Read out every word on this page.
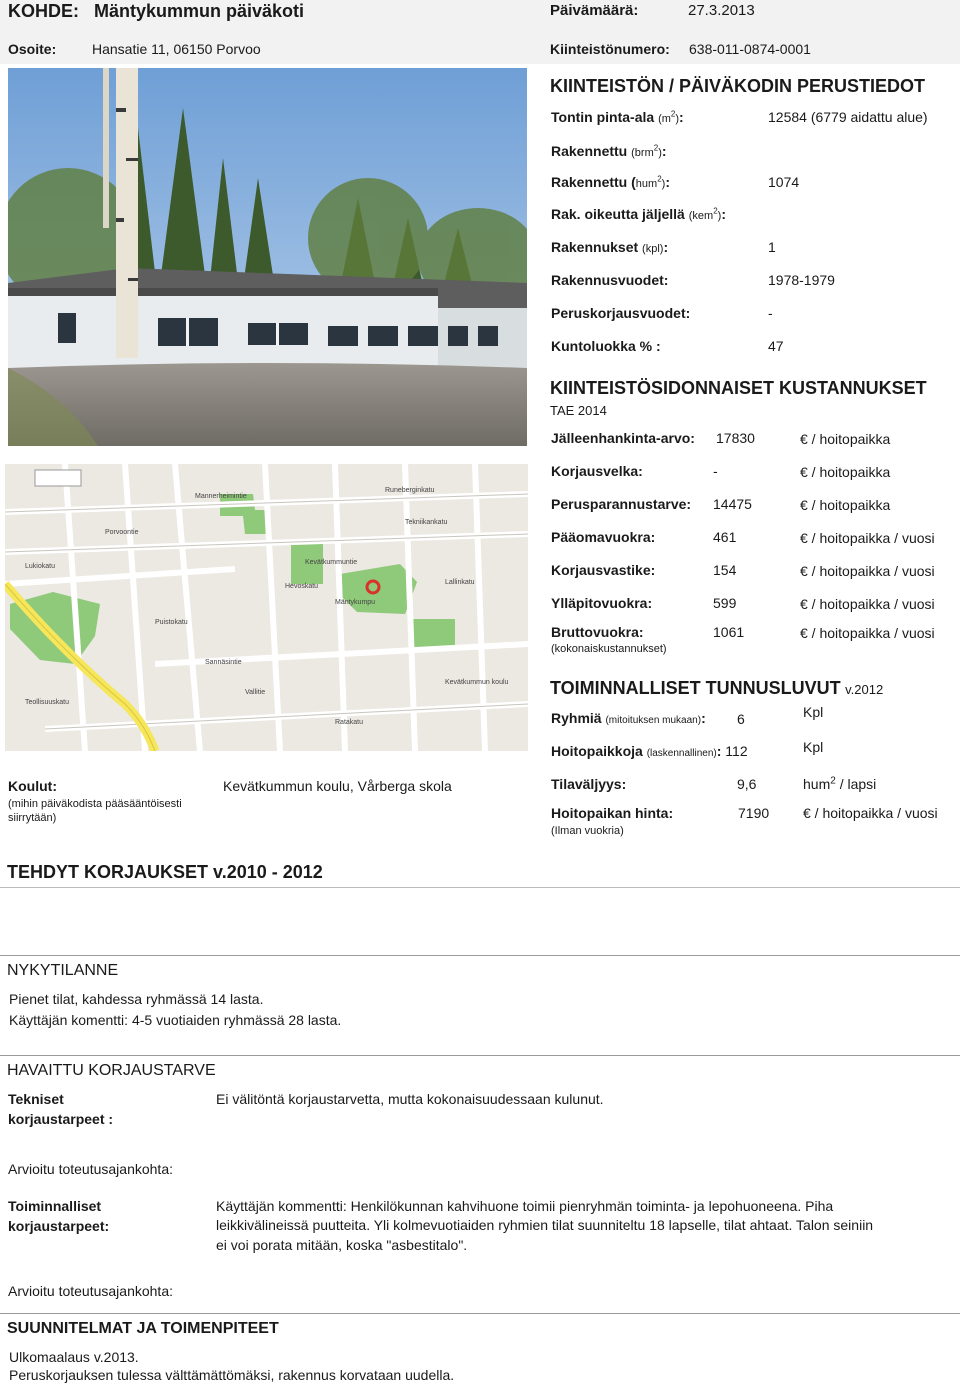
KOHDE: Mäntykummun päiväkoti	Päivämäärä:	27.3.2013
Osoite:	Hansatie 11, 06150 Porvoo	Kiinteistönumero: 638-011-0874-0001
Mannerheimintie
Runeberginkatu
Lukiokatu
Tekniikankatu
Hevoskatu
Kevätkummuntie
Vallitie
Kevätkummun koulu
Sannäsintie
Porvoontie
Lallinkatu
Ratakatu
Puistokatu
Teollisuuskatu
Mäntykumpu
KIINTEISTÖN / PÄIVÄKODIN PERUSTIEDOT
Tontin pinta-ala $(m^2)$:	12584 (6779 aidattu alue)
Rakennettu (brm$^2$):
Rakennettu (hum$^2$):	1074
Rak. oikeutta jäljellä (kem$^2$):
Rakennukset (kpl):	1
Rakennusvuodet:	1978-1979
Peruskorjausvuodet:	-
Kuntoluokka % :	47
KIINTEISTÖSIDONNAISET KUSTANNUKSET
TAE 2014
Jälleenhankinta-arvo: 17830	€ / hoitopaikka
Korjausvelka:	-	€ / hoitopaikka
Perusparannustarve: 14475	€ / hoitopaikka
Pääomavuokra:	461	€ / hoitopaikka / vuosi
Korjausvastike:	154	€ / hoitopaikka / vuosi
Ylläpitovuokra:	599	€ / hoitopaikka / vuosi
Bruttovuokra:	1061	€ / hoitopaikka / vuosi
(kokonaiskustannukset)
TOIMINNALLISET TUNNUSLUVUT v.2012
Ryhmiä (mitoituksen mukaan): 6	Kpl
Hoitopaikkoja (laskennallinen): 112	Kpl
Tilaväljyys:	9,6	hum$^2$ / lapsi
Hoitopaikan hinta:
(Ilman vuokria)
7190 € / hoitopaikka / vuosi
Koulut:
(mihin päiväkodista pääsääntöisesti siirrytään)
Kevätkummun koulu, Vårberga skola
TEHDYT KORJAUKSET v.2010 - 2012
NYKYTILANNE
Pienet tilat, kahdessa ryhmässä 14 lasta.
Käyttäjän komentti: 4-5 vuotiaiden ryhmässä 28 lasta.
HAVAITTU KORJAUSTARVE
Tekniset
korjaustarpeet :
Ei välitöntä korjaustarvetta, mutta kokonaisuudessaan kulunut.
Arvioitu toteutusajankohta:
Toiminnalliset
korjaustarpeet:
Käyttäjän kommentti: Henkilökunnan kahvihuone toimii pienryhmän toiminta- ja lepohuoneena. Piha
leikkivälineissä puutteita. Yli kolmevuotiaiden ryhmien tilat suunniteltu 18 lapselle, tilat ahtaat. Talon seiniin
ei voi porata mitään, koska "asbestitalo".
Arvioitu toteutusajankohta:
SUUNNITELMAT JA TOIMENPITEET
Ulkomaalaus v.2013.
Peruskorjauksen tulessa välttämättömäksi, rakennus korvataan uudella.
